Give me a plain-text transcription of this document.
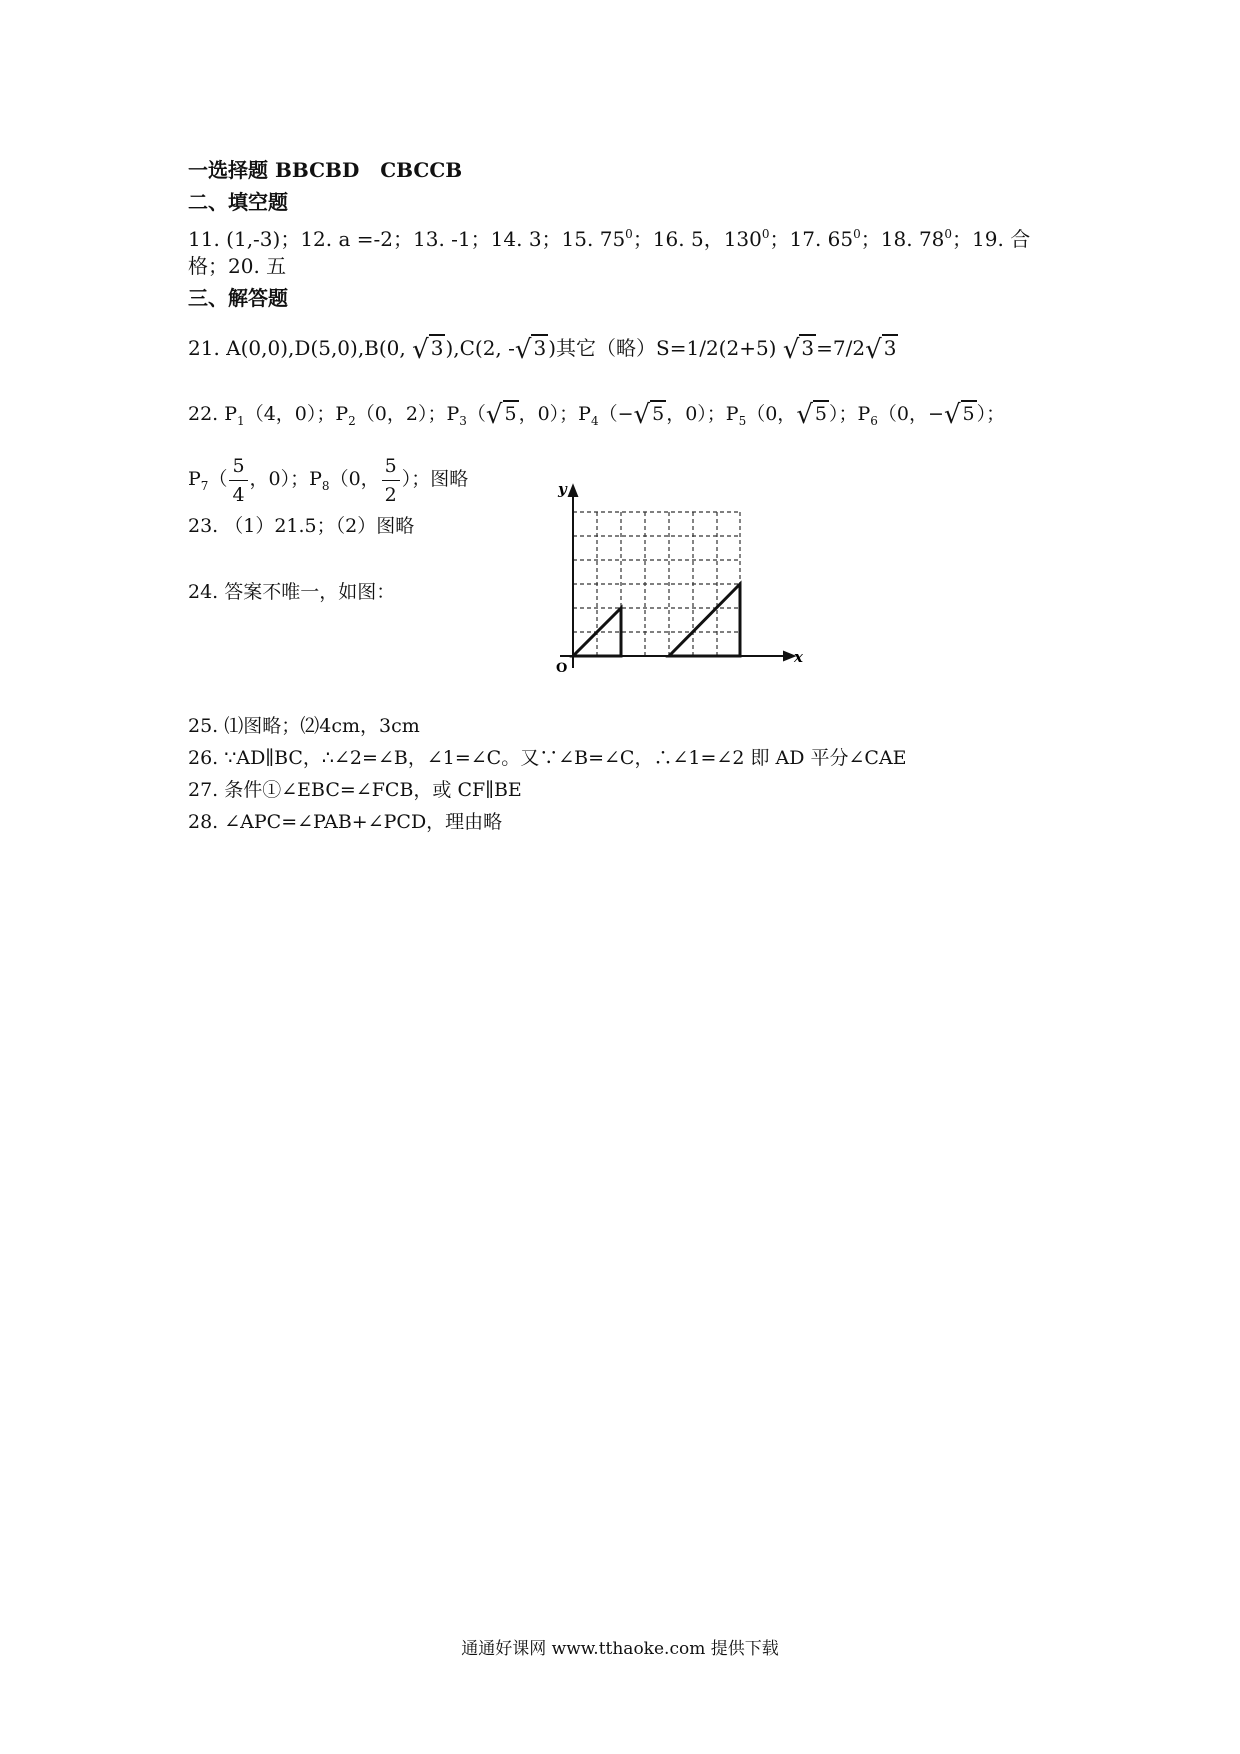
一选择题 BBCBD CBCCB
二、填空题
11. (1,-3)；12. a =-2；13. -1；14. 3；15. $75^0$；16. 5，$130^0$；17. $65^0$；18. $78^0$；19. 合
格；20. 五
三、解答题
21. A(0,0),D(5,0),B(0, √ 3 ),C(2, -√ 3 )其它（略）S=1/2(2+5) √ 3 =7/2√ 3
22. $P_1(4$，0）；$P_2(0$，2）；$P_3(√$ 5 ，0）；$P_4(-√$ 5 ，0）；$P_5(0$，√ 5 ）；$P_6(0$，−√ 5 ）；
$P_7( \frac{5}{4}$ ，0）；$P_8(0$， $\frac{5}{2}$ ）；图略
23. （1）21.5；（2）图略
24. 答案不唯一，如图：
y
x
O
25. ⑴图略；⑵4cm，3cm
26. ∵AD∥BC，∴∠2=∠B，∠1=∠C。又∵∠B=∠C，∴∠1=∠2 即 AD 平分∠CAE
27. 条件①∠EBC=∠FCB，或 CF∥BE
28. ∠APC=∠PAB+∠PCD，理由略
通通好课网 www.tthaoke.com 提供下载
